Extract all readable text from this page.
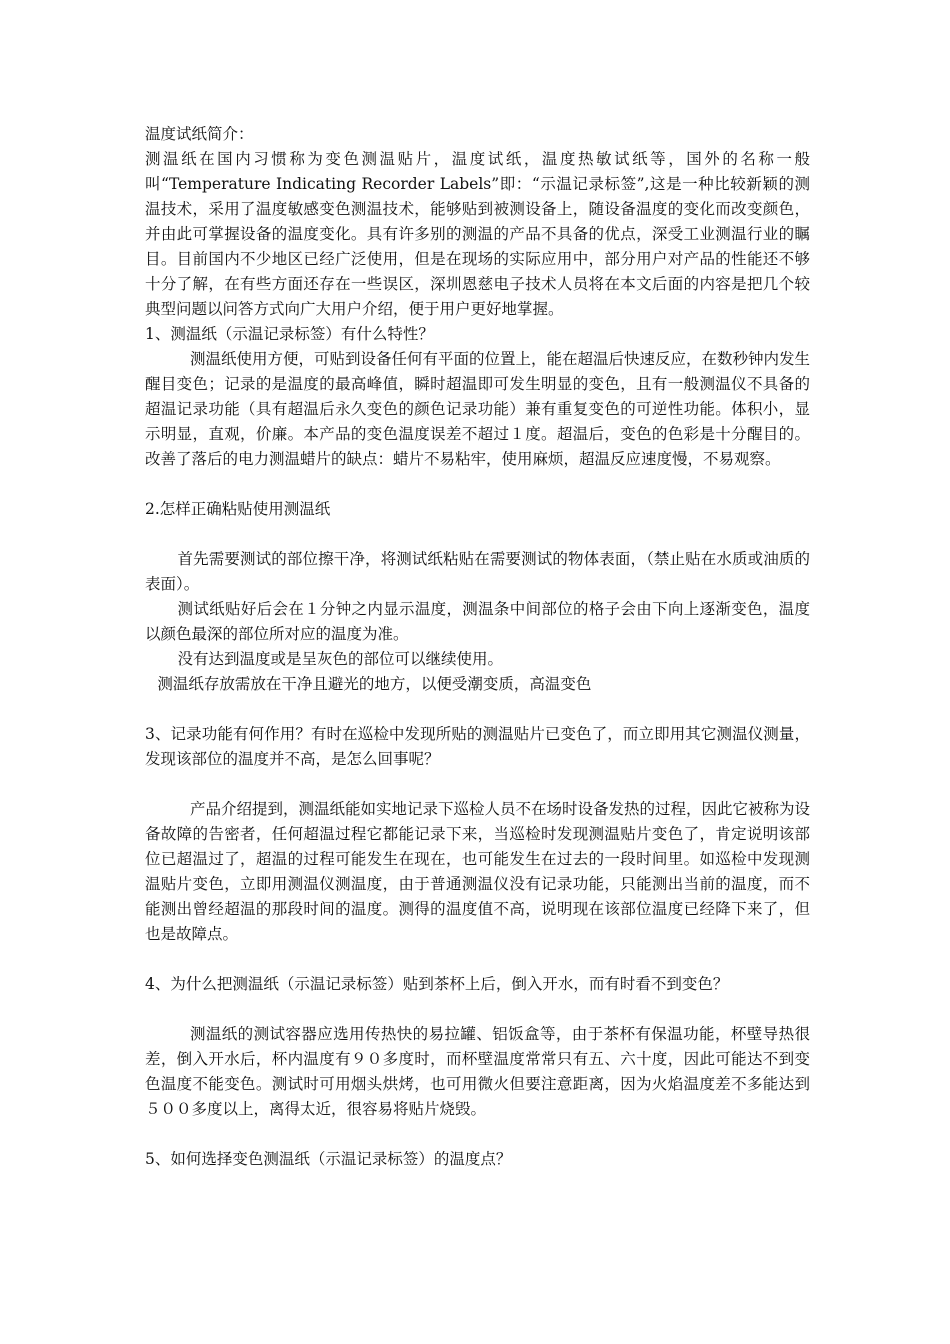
温度试纸简介：

测温纸在国内习惯称为变色测温贴片，温度试纸，温度热敏试纸等，国外的名称一般叫“Temperature Indicating Recorder Labels”即：“示温记录标签”,这是一种比较新颖的测温技术，采用了温度敏感变色测温技术，能够贴到被测设备上，随设备温度的变化而改变颜色，并由此可掌握设备的温度变化。具有许多别的测温的产品不具备的优点，深受工业测温行业的瞩目。目前国内不少地区已经广泛使用，但是在现场的实际应用中，部分用户对产品的性能还不够十分了解，在有些方面还存在一些误区，深圳恩慈电子技术人员将在本文后面的内容是把几个较典型问题以问答方式向广大用户介绍，便于用户更好地掌握。

1、测温纸（示温记录标签）有什么特性？

测温纸使用方便，可贴到设备任何有平面的位置上，能在超温后快速反应，在数秒钟内发生醒目变色；记录的是温度的最高峰值，瞬时超温即可发生明显的变色，且有一般测温仪不具备的超温记录功能（具有超温后永久变色的颜色记录功能）兼有重复变色的可逆性功能。体积小，显示明显，直观，价廉。本产品的变色温度误差不超过１度。超温后，变色的色彩是十分醒目的。改善了落后的电力测温蜡片的缺点：蜡片不易粘牢，使用麻烦，超温反应速度慢，不易观察。

2.怎样正确粘贴使用测温纸

首先需要测试的部位擦干净，将测试纸粘贴在需要测试的物体表面，（禁止贴在水质或油质的表面）。

测试纸贴好后会在１分钟之内显示温度，测温条中间部位的格子会由下向上逐渐变色，温度以颜色最深的部位所对应的温度为准。

没有达到温度或是呈灰色的部位可以继续使用。

测温纸存放需放在干净且避光的地方，以便受潮变质，高温变色

3、记录功能有何作用？有时在巡检中发现所贴的测温贴片已变色了，而立即用其它测温仪测量，发现该部位的温度并不高，是怎么回事呢？

产品介绍提到，测温纸能如实地记录下巡检人员不在场时设备发热的过程，因此它被称为设备故障的告密者，任何超温过程它都能记录下来，当巡检时发现测温贴片变色了，肯定说明该部位已超温过了，超温的过程可能发生在现在，也可能发生在过去的一段时间里。如巡检中发现测温贴片变色，立即用测温仪测温度，由于普通测温仪没有记录功能，只能测出当前的温度，而不能测出曾经超温的那段时间的温度。测得的温度值不高，说明现在该部位温度已经降下来了，但也是故障点。

4、为什么把测温纸（示温记录标签）贴到茶杯上后，倒入开水，而有时看不到变色？

测温纸的测试容器应选用传热快的易拉罐、铝饭盒等，由于茶杯有保温功能，杯壁导热很差，倒入开水后，杯内温度有９０多度时，而杯壁温度常常只有五、六十度，因此可能达不到变色温度不能变色。测试时可用烟头烘烤，也可用微火但要注意距离，因为火焰温度差不多能达到５００多度以上，离得太近，很容易将贴片烧毁。

5、如何选择变色测温纸（示温记录标签）的温度点？
